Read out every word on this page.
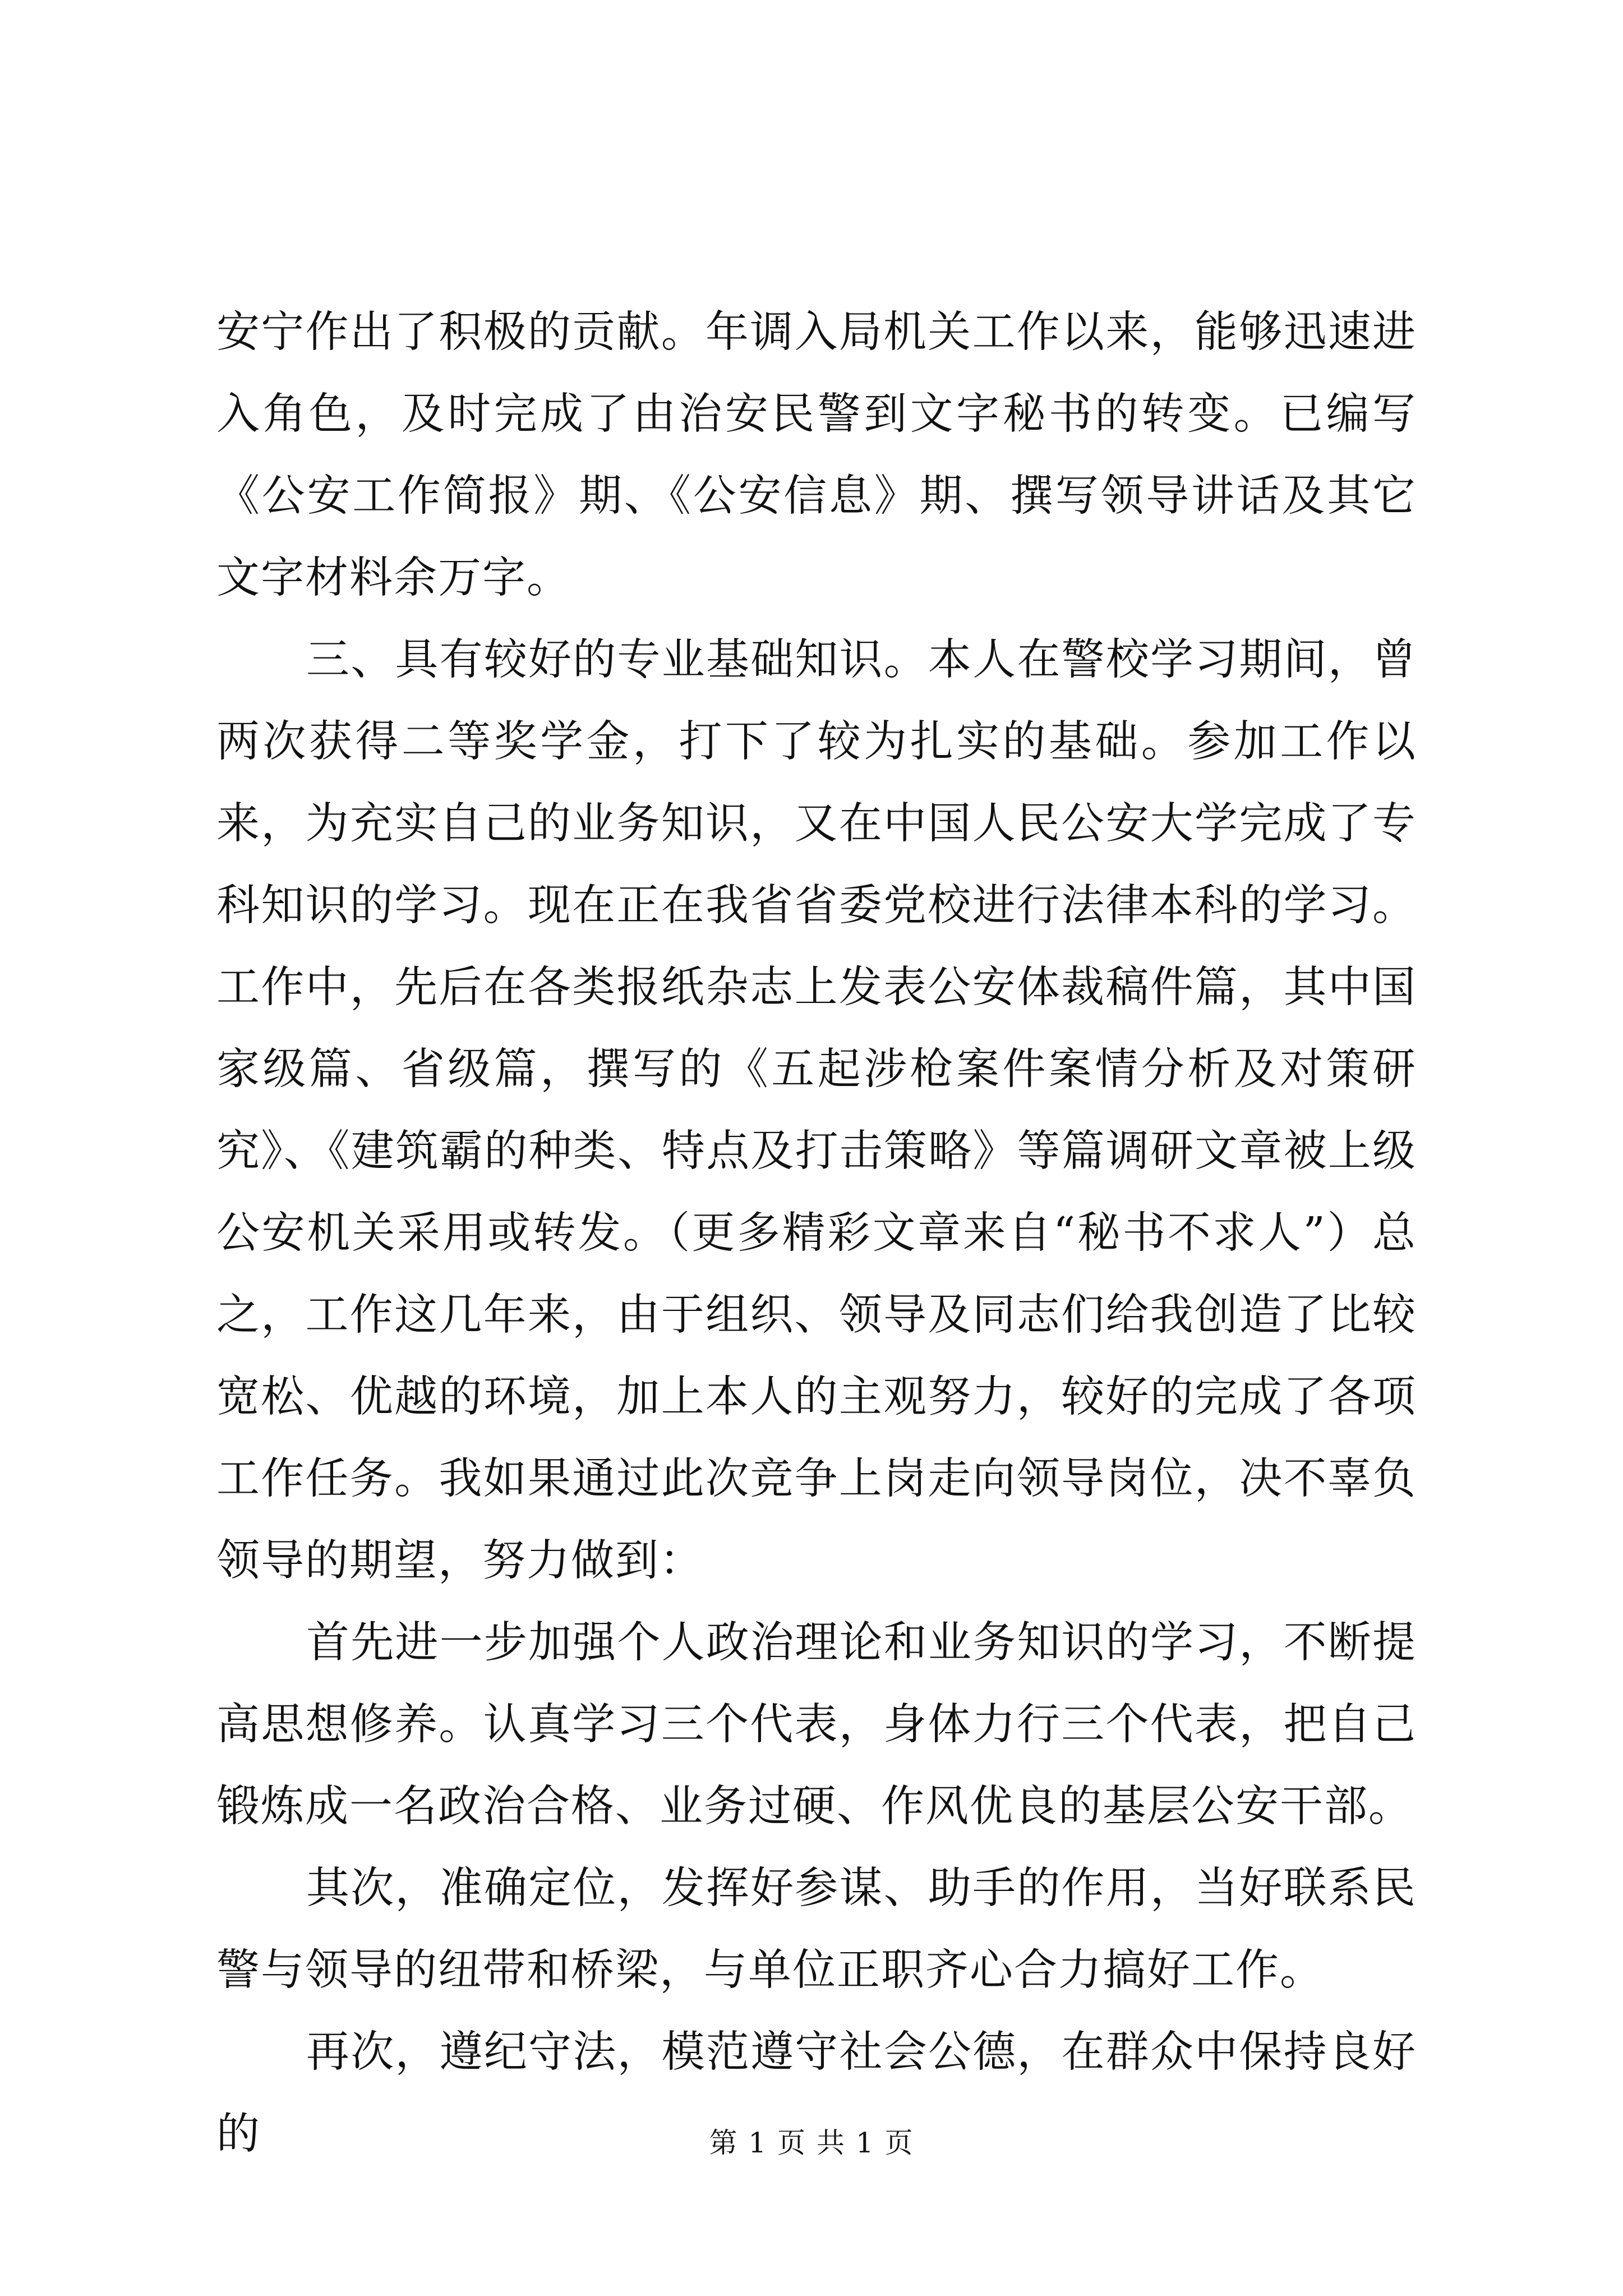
安宁作出了积极的贡献。年调入局机关工作以来，能够迅速进入角色，及时完成了由治安民警到文字秘书的转变。已编写《公安工作简报》期、《公安信息》期、撰写领导讲话及其它文字材料余万字。

三、具有较好的专业基础知识。本人在警校学习期间，曾两次获得二等奖学金，打下了较为扎实的基础。参加工作以来，为充实自己的业务知识，又在中国人民公安大学完成了专科知识的学习。现在正在我省省委党校进行法律本科的学习。工作中，先后在各类报纸杂志上发表公安体裁稿件篇，其中国家级篇、省级篇，撰写的《五起涉枪案件案情分析及对策研究》、《建筑霸的种类、特点及打击策略》等篇调研文章被上级公安机关采用或转发。（更多精彩文章来自“秘书不求人”）总之，工作这几年来，由于组织、领导及同志们给我创造了比较宽松、优越的环境，加上本人的主观努力，较好的完成了各项工作任务。我如果通过此次竞争上岗走向领导岗位，决不辜负领导的期望，努力做到：

首先进一步加强个人政治理论和业务知识的学习，不断提高思想修养。认真学习三个代表，身体力行三个代表，把自己锻炼成一名政治合格、业务过硬、作风优良的基层公安干部。

其次，准确定位，发挥好参谋、助手的作用，当好联系民警与领导的纽带和桥梁，与单位正职齐心合力搞好工作。

再次，遵纪守法，模范遵守社会公德，在群众中保持良好的	第 1 页 共 1 页
